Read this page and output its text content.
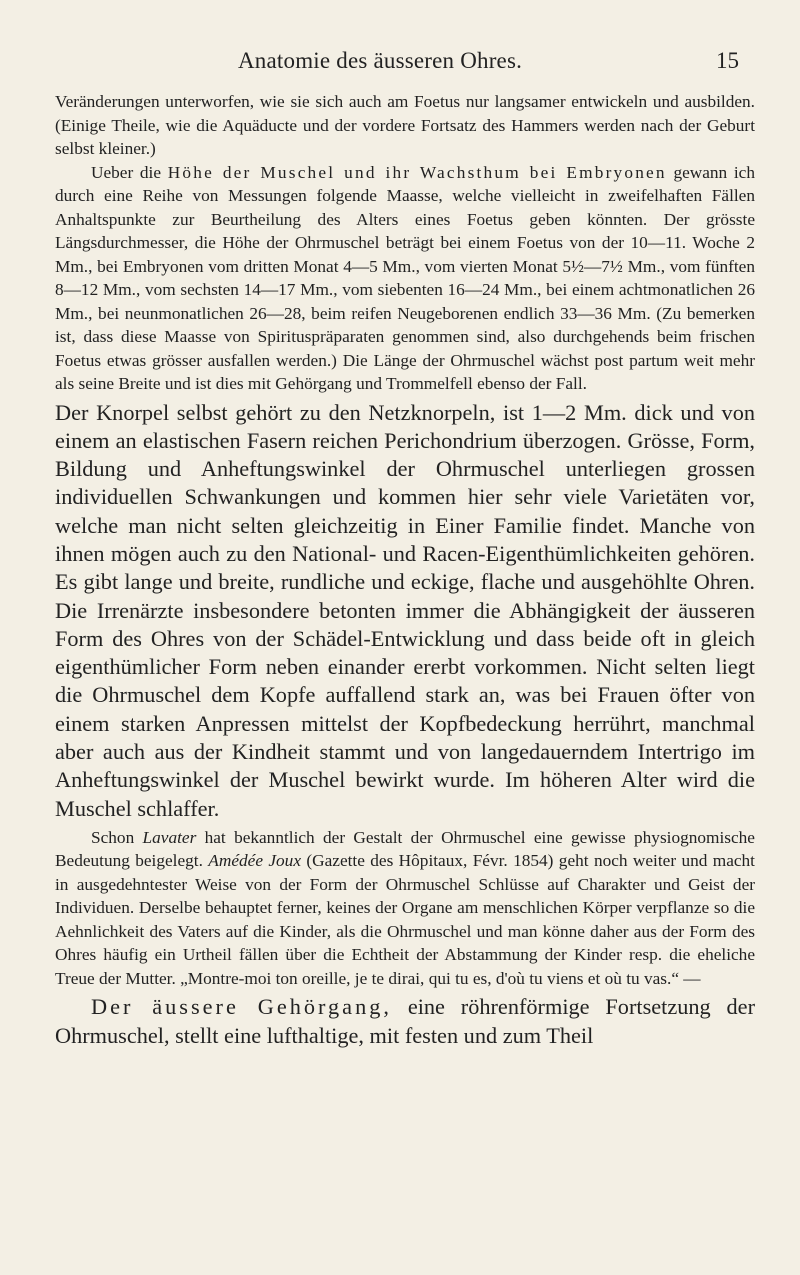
Anatomie des äusseren Ohres.	15

Veränderungen unterworfen, wie sie sich auch am Foetus nur langsamer entwickeln und ausbilden. (Einige Theile, wie die Aquäducte und der vordere Fortsatz des Hammers werden nach der Geburt selbst kleiner.)

Ueber die Höhe der Muschel und ihr Wachsthum bei Embryonen gewann ich durch eine Reihe von Messungen folgende Maasse, welche vielleicht in zweifelhaften Fällen Anhaltspunkte zur Beurtheilung des Alters eines Foetus geben könnten. Der grösste Längsdurchmesser, die Höhe der Ohrmuschel beträgt bei einem Foetus von der 10—11. Woche 2 Mm., bei Embryonen vom dritten Monat 4—5 Mm., vom vierten Monat 5½—7½ Mm., vom fünften 8—12 Mm., vom sechsten 14—17 Mm., vom siebenten 16—24 Mm., bei einem achtmonatlichen 26 Mm., bei neunmonatlichen 26—28, beim reifen Neugeborenen endlich 33—36 Mm. (Zu bemerken ist, dass diese Maasse von Spirituspräparaten genommen sind, also durchgehends beim frischen Foetus etwas grösser ausfallen werden.) Die Länge der Ohrmuschel wächst post partum weit mehr als seine Breite und ist dies mit Gehörgang und Trommelfell ebenso der Fall.

Der Knorpel selbst gehört zu den Netzknorpeln, ist 1—2 Mm. dick und von einem an elastischen Fasern reichen Perichondrium überzogen. Grösse, Form, Bildung und Anheftungswinkel der Ohrmuschel unterliegen grossen individuellen Schwankungen und kommen hier sehr viele Varietäten vor, welche man nicht selten gleichzeitig in Einer Familie findet. Manche von ihnen mögen auch zu den National- und Racen-Eigenthümlichkeiten gehören. Es gibt lange und breite, rundliche und eckige, flache und ausgehöhlte Ohren. Die Irrenärzte insbesondere betonten immer die Abhängigkeit der äusseren Form des Ohres von der Schädel-Entwicklung und dass beide oft in gleich eigenthümlicher Form neben einander ererbt vorkommen. Nicht selten liegt die Ohrmuschel dem Kopfe auffallend stark an, was bei Frauen öfter von einem starken Anpressen mittelst der Kopfbedeckung herrührt, manchmal aber auch aus der Kindheit stammt und von langedauerndem Intertrigo im Anheftungswinkel der Muschel bewirkt wurde. Im höheren Alter wird die Muschel schlaffer.

Schon Lavater hat bekanntlich der Gestalt der Ohrmuschel eine gewisse physiognomische Bedeutung beigelegt. Amédée Joux (Gazette des Hôpitaux, Févr. 1854) geht noch weiter und macht in ausgedehntester Weise von der Form der Ohrmuschel Schlüsse auf Charakter und Geist der Individuen. Derselbe behauptet ferner, keines der Organe am menschlichen Körper verpflanze so die Aehnlichkeit des Vaters auf die Kinder, als die Ohrmuschel und man könne daher aus der Form des Ohres häufig ein Urtheil fällen über die Echtheit der Abstammung der Kinder resp. die eheliche Treue der Mutter. „Montre-moi ton oreille, je te dirai, qui tu es, d'où tu viens et où tu vas.“ —

Der äussere Gehörgang, eine röhrenförmige Fortsetzung der Ohrmuschel, stellt eine lufthaltige, mit festen und zum Theil
